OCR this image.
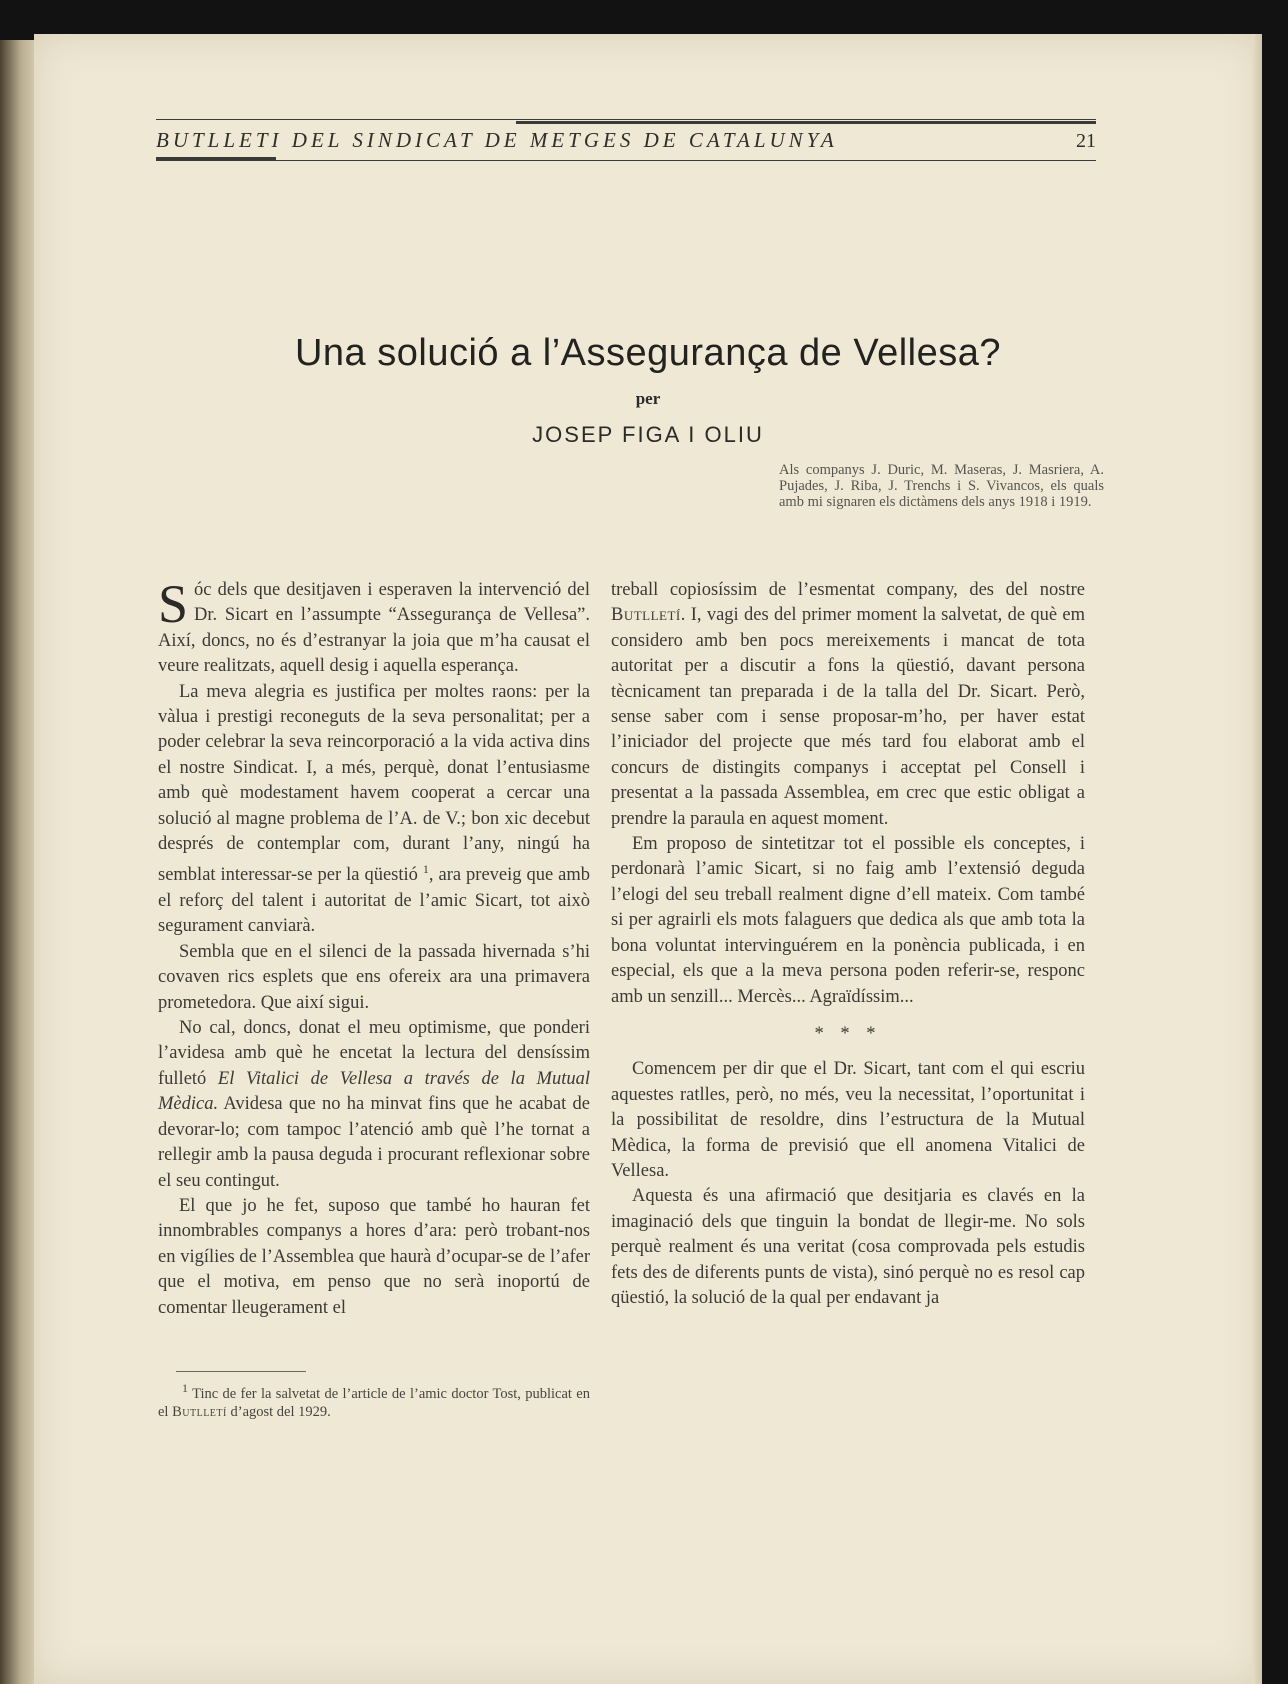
BUTLLETI DEL SINDICAT DE METGES DE CATALUNYA	21
Una solució a l’Assegurança de Vellesa?
per
JOSEP FIGA I OLIU
Als companys J. Duric, M. Maseras, J. Masriera, A. Pujades, J. Riba, J. Trenchs i S. Vivancos, els quals amb mi signaren els dictàmens dels anys 1918 i 1919.

Sóc dels que desitjaven i esperaven la intervenció del Dr. Sicart en l’assumpte “Assegurança de Vellesa”. Així, doncs, no és d’estranyar la joia que m’ha causat el veure realitzats, aquell desig i aquella esperança.

La meva alegria es justifica per moltes raons: per la vàlua i prestigi reconeguts de la seva personalitat; per a poder celebrar la seva reincorporació a la vida activa dins el nostre Sindicat. I, a més, perquè, donat l’entusiasme amb què modestament havem cooperat a cercar una solució al magne problema de l’A. de V.; bon xic decebut després de contemplar com, durant l’any, ningú ha semblat interessar-se per la qüestió $^1$, ara preveig que amb el reforç del talent i autoritat de l’amic Sicart, tot això segurament canviarà.

Sembla que en el silenci de la passada hivernada s’hi covaven rics esplets que ens ofereix ara una primavera prometedora. Que així sigui.

No cal, doncs, donat el meu optimisme, que ponderi l’avidesa amb què he encetat la lectura del densíssim fulletó El Vitalici de Vellesa a través de la Mutual Mèdica. Avidesa que no ha minvat fins que he acabat de devorar-lo; com tampoc l’atenció amb què l’he tornat a rellegir amb la pausa deguda i procurant reflexionar sobre el seu contingut.

El que jo he fet, suposo que també ho hauran fet innombrables companys a hores d’ara: però trobant-nos en vigílies de l’Assemblea que haurà d’ocupar-se de l’afer que el motiva, em penso que no serà inoportú de comentar lleugerament el

$^1$ Tinc de fer la salvetat de l’article de l’amic doctor Tost, publicat en el Butlletí d’agost del 1929.

treball copiosíssim de l’esmentat company, des del nostre Butlletí. I, vagi des del primer moment la salvetat, de què em considero amb ben pocs mereixements i mancat de tota autoritat per a discutir a fons la qüestió, davant persona tècnicament tan preparada i de la talla del Dr. Sicart. Però, sense saber com i sense proposar-m’ho, per haver estat l’iniciador del projecte que més tard fou elaborat amb el concurs de distingits companys i acceptat pel Consell i presentat a la passada Assemblea, em crec que estic obligat a prendre la paraula en aquest moment.

Em proposo de sintetitzar tot el possible els conceptes, i perdonarà l’amic Sicart, si no faig amb l’extensió deguda l’elogi del seu treball realment digne d’ell mateix. Com també si per agrairli els mots falaguers que dedica als que amb tota la bona voluntat intervinguérem en la ponència publicada, i en especial, els que a la meva persona poden referir-se, responc amb un senzill... Mercès... Agraïdíssim...

* * *

Comencem per dir que el Dr. Sicart, tant com el qui escriu aquestes ratlles, però, no més, veu la necessitat, l’oportunitat i la possibilitat de resoldre, dins l’estructura de la Mutual Mèdica, la forma de previsió que ell anomena Vitalici de Vellesa.

Aquesta és una afirmació que desitjaria es clavés en la imaginació dels que tinguin la bondat de llegir-me. No sols perquè realment és una veritat (cosa comprovada pels estudis fets des de diferents punts de vista), sinó perquè no es resol cap qüestió, la solució de la qual per endavant ja
